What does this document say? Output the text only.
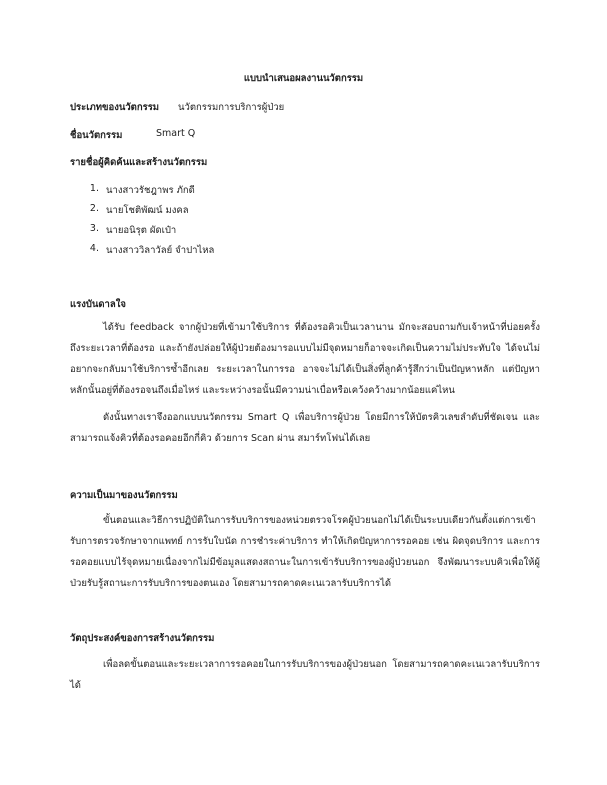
แบบนำเสนอผลงานนวัตกรรม
ประเภทของนวัตกรรม นวัตกรรมการบริการผู้ป่วย
ชื่อนวัตกรรม	Smart Q
รายชื่อผู้คิดค้นและสร้างนวัตกรรม
1. นางสาวรัชฎาพร ภักดี
2. นายโชติพัฒน์ มงคล
3. นายอนิรุต ผัดเป๋า
4. นางสาววิลาวัลย์ จำปาไหล
แรงบันดาลใจ
ได้รับ feedback จากผู้ป่วยที่เข้ามาใช้บริการ ที่ต้องรอคิวเป็นเวลานาน มักจะสอบถามกับเจ้าหน้าที่บ่อยครั้งถึงระยะเวลาที่ต้องรอ และถ้ายังปล่อยให้ผู้ป่วยต้องมารอแบบไม่มีจุดหมายก็อาจจะเกิดเป็นความไม่ประทับใจ ได้จนไม่อยากจะกลับมาใช้บริการซ้ำอีกเลย ระยะเวลาในการรอ อาจจะไม่ได้เป็นสิ่งที่ลูกค้ารู้สึกว่าเป็นปัญหาหลัก แต่ปัญหาหลักนั้นอยู่ที่ต้องรอจนถึงเมื่อไหร่ และระหว่างรอนั้นมีความน่าเบื่อหรือเคว้งคว้างมากน้อยแค่ไหน
ดังนั้นทางเราจึงออกแบบนวัตกรรม Smart Q เพื่อบริการผู้ป่วย โดยมีการให้บัตรคิวเลขลำดับที่ชัดเจน และสามารถแจ้งคิวที่ต้องรอคอยอีกกี่คิว ด้วยการ Scan ผ่าน สมาร์ทโฟนได้เลย
ความเป็นมาของนวัตกรรม
ขั้นตอนและวิธีการปฏิบัติในการรับบริการของหน่วยตรวจโรคผู้ป่วยนอกไม่ได้เป็นระบบเดียวกันตั้งแต่การเข้ารับการตรวจรักษาจากแพทย์ การรับใบนัด การชำระค่าบริการ ทำให้เกิดปัญหาการรอคอย เช่น ผิดจุดบริการ และการรอคอยแบบไร้จุดหมายเนื่องจากไม่มีข้อมูลแสดงสถานะในการเข้ารับบริการของผู้ป่วยนอก จึงพัฒนาระบบคิวเพื่อให้ผู้ป่วยรับรู้สถานะการรับบริการของตนเอง โดยสามารถคาดคะเนเวลารับบริการได้
วัตถุประสงค์ของการสร้างนวัตกรรม
เพื่อลดขั้นตอนและระยะเวลาการรอคอยในการรับบริการของผู้ป่วยนอก โดยสามารถคาดคะเนเวลารับบริการได้
